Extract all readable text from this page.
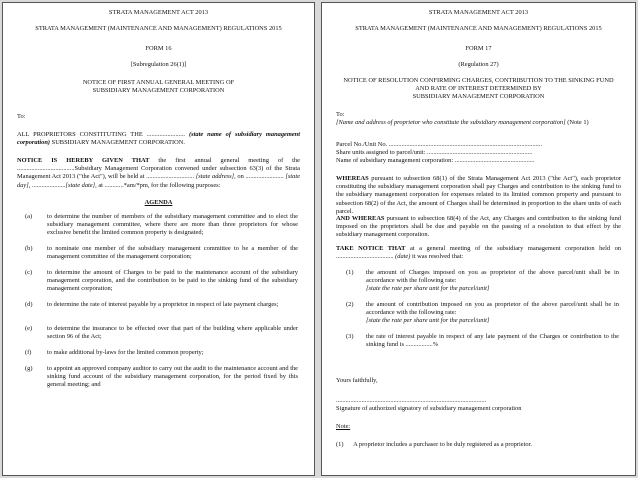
STRATA MANAGEMENT ACT 2013
STRATA MANAGEMENT (MAINTENANCE AND MANAGEMENT) REGULATIONS 2015
FORM 16
[Subregulation 26(1)]
NOTICE OF FIRST ANNUAL GENERAL MEETING OF
SUBSIDIARY MANAGEMENT CORPORATION
To:
ALL PROPRIETORS CONSTITUTING THE ........................ (state name of subsidiary management corporation) SUBSIDIARY MANAGEMENT CORPORATION.
NOTICE IS HEREBY GIVEN THAT the first annual general meeting of the ....................................Subsidiary Management Corporation convened under subsection 63(3) of the Strata Management Act 2013 ("the Act"), will be held at .............................. [state address], on ........................ [state day], .....................[state date], at ............*am/*pm, for the following purposes:
AGENDA
(a) to determine the number of members of the subsidiary management committee and to elect the subsidiary management committee, where there are more than three proprietors for whose exclusive benefit the limited common property is designated;
(b) to nominate one member of the subsidiary management committee to be a member of the management committee of the management corporation;
(c) to determine the amount of Charges to be paid to the maintenance account of the subsidiary management corporation, and the contribution to be paid to the sinking fund of the subsidiary management corporation;
(d) to determine the rate of interest payable by a proprietor in respect of late payment charges;
(e) to determine the insurance to be effected over that part of the building where applicable under section 96 of the Act;
(f) to make additional by-laws for the limited common property;
(g) to appoint an approved company auditor to carry out the audit to the maintenance account and the sinking fund account of the subsidiary management corporation, for the period fixed by this general meeting; and
STRATA MANAGEMENT ACT 2013
STRATA MANAGEMENT (MAINTENANCE AND MANAGEMENT) REGULATIONS 2015
FORM 17
(Regulation 27)
NOTICE OF RESOLUTION CONFIRMING CHARGES, CONTRIBUTION TO THE SINKING FUND
AND RATE OF INTEREST DETERMINED BY
SUBSIDIARY MANAGEMENT CORPORATION
To:
[Name and address of proprietor who constitute the subsidiary management corporation] (Note 1)
Parcel No./Unit No. ................................................................................................
Share units assigned to parcel/unit: ..................................................................
Name of subsidiary management corporation: ..................................................
WHEREAS pursuant to subsection 68(1) of the Strata Management Act 2013 ("the Act"), each proprietor constituting the subsidiary management corporation shall pay Charges and contribution to the sinking fund to the subsidiary management corporation for expenses related to its limited common property and pursuant to subsection 68(2) of the Act, the amount of Charges shall be determined in proportion to the share units of each parcel.
AND WHEREAS pursuant to subsection 68(4) of the Act, any Charges and contribution to the sinking fund imposed on the proprietors shall be due and payable on the passing of a resolution to that effect by the subsidiary management corporation.
TAKE NOTICE THAT at a general meeting of the subsidiary management corporation held on .................................... (date) it was resolved that:
(1) the amount of Charges imposed on you as proprietor of the above parcel/unit shall be in accordance with the following rate:
[state the rate per share unit for the parcel/unit]
(2) the amount of contribution imposed on you as proprietor of the above parcel/unit shall be in accordance with the following rate:
[state the rate per share unit for the parcel/unit]
(3) the rate of interest payable in respect of any late payment of the Charges or contribution to the sinking fund is .................%
Yours faithfully,
..............................................................................................
Signature of authorized signatory of subsidiary management corporation
Note:
(1) A proprietor includes a purchaser to be duly registered as a proprietor.
